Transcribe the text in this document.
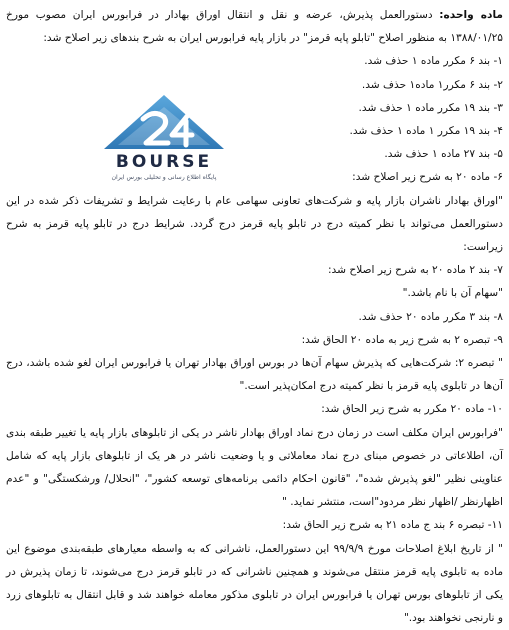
ماده واحده: دستورالعمل پذیرش، عرضه و نقل و انتقال اوراق بهادار در فرابورس ایران مصوب مورخ ۱۳۸۸/۰۱/۲۵ به منظور اصلاح "تابلو پایه قرمز" در بازار پایه فرابورس ایران به شرح بندهای زیر اصلاح شد:

۱- بند ۶ مکرر ماده ۱ حذف شد.

۲- بند ۶ مکرر۱ ماده۱ حذف شد.

۳- بند ۱۹ مکرر ماده ۱ حذف شد.

۴- بند ۱۹ مکرر ۱ ماده ۱ حذف شد.

۵- بند ۲۷ ماده ۱ حذف شد.

۶- ماده ۲۰ به شرح زیر اصلاح شد:

"اوراق بهادار ناشران بازار پایه و شرکت‌های تعاونی سهامی عام با رعایت شرایط و تشریفات ذکر شده در این دستورالعمل می‌تواند با نظر کمیته درج در تابلو پایه قرمز درج گردد. شرایط درج در تابلو پایه قرمز به شرح زیراست:

۷- بند ۲ ماده ۲۰ به شرح زیر اصلاح شد:

"سهام آن با نام باشد."

۸- بند ۳ مکرر ماده ۲۰ حذف شد.

۹- تبصره ۲ به شرح زیر به ماده ۲۰ الحاق شد:

" تبصره ۲: شرکت‌هایی که پذیرش سهام آن‌ها در بورس اوراق بهادار تهران یا فرابورس ایران لغو شده باشد، درج آن‌ها در تابلوی پایه قرمز با نظر کمیته درج امکان‌پذیر است."

۱۰- ماده ۲۰ مکرر به شرح زیر الحاق شد:

"فرابورس ایران مکلف است در زمان درج نماد اوراق بهادار ناشر در یکی از تابلوهای بازار پایه یا تغییر طبقه بندی آن، اطلاعاتی در خصوص مبنای درج نماد معاملاتی و یا وضعیت ناشر در هر یک از تابلوهای بازار پایه که شامل عناوینی نظیر "لغو پذیرش شده"، "قانون احکام دائمی برنامه‌های توسعه کشور"، "انحلال/ ورشکستگی" و "عدم اظهارنظر /اظهار نظر مردود"است، منتشر نماید. "

۱۱- تبصره ۶ بند ج ماده ۲۱ به شرح زیر الحاق شد:

" از تاریخ ابلاغ اصلاحات مورخ ۹۹/۹/۹ این دستورالعمل، ناشرانی که به واسطه معیارهای طبقه‌بندی موضوع این ماده به تابلوی پایه قرمز منتقل می‌شوند و همچنین ناشرانی که در تابلو قرمز درج می‌شوند، تا زمان پذیرش در یکی از تابلوهای بورس تهران یا فرابورس ایران در تابلوی مذکور معامله خواهند شد و قابل انتقال به تابلوهای زرد و نارنجی نخواهند بود."

BOURSE
پایگاه اطلاع رسانی و تحلیلی بورس ایران
